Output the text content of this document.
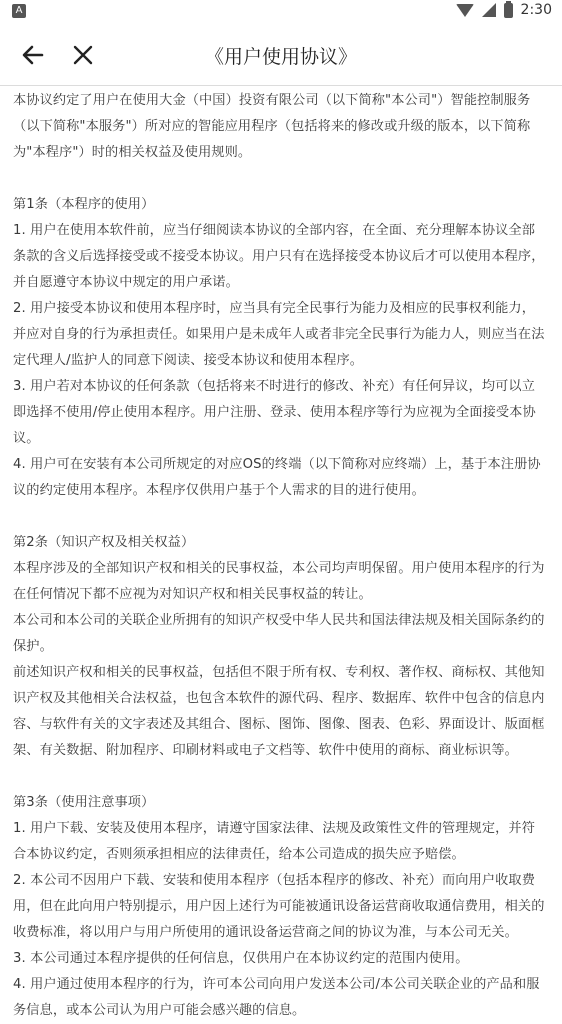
A	2:30
《用户使用协议》

本协议约定了用户在使用大金（中国）投资有限公司（以下简称"本公司"）智能控制服务（以下简称"本服务"）所对应的智能应用程序（包括将来的修改或升级的版本，以下简称为"本程序"）时的相关权益及使用规则。

第1条（本程序的使用）

1. 用户在使用本软件前，应当仔细阅读本协议的全部内容，在全面、充分理解本协议全部条款的含义后选择接受或不接受本协议。用户只有在选择接受本协议后才可以使用本程序，并自愿遵守本协议中规定的用户承诺。

2. 用户接受本协议和使用本程序时，应当具有完全民事行为能力及相应的民事权利能力，并应对自身的行为承担责任。如果用户是未成年人或者非完全民事行为能力人，则应当在法定代理人/监护人的同意下阅读、接受本协议和使用本程序。

3. 用户若对本协议的任何条款（包括将来不时进行的修改、补充）有任何异议，均可以立即选择不使用/停止使用本程序。用户注册、登录、使用本程序等行为应视为全面接受本协议。

4. 用户可在安装有本公司所规定的对应OS的终端（以下简称对应终端）上，基于本注册协议的约定使用本程序。本程序仅供用户基于个人需求的目的进行使用。

第2条（知识产权及相关权益）

本程序涉及的全部知识产权和相关的民事权益，本公司均声明保留。用户使用本程序的行为在任何情况下都不应视为对知识产权和相关民事权益的转让。

本公司和本公司的关联企业所拥有的知识产权受中华人民共和国法律法规及相关国际条约的保护。

前述知识产权和相关的民事权益，包括但不限于所有权、专利权、著作权、商标权、其他知识产权及其他相关合法权益，也包含本软件的源代码、程序、数据库、软件中包含的信息内容、与软件有关的文字表述及其组合、图标、图饰、图像、图表、色彩、界面设计、版面框架、有关数据、附加程序、印刷材料或电子文档等、软件中使用的商标、商业标识等。

第3条（使用注意事项）

1. 用户下载、安装及使用本程序，请遵守国家法律、法规及政策性文件的管理规定，并符合本协议约定，否则须承担相应的法律责任，给本公司造成的损失应予赔偿。

2. 本公司不因用户下载、安装和使用本程序（包括本程序的修改、补充）而向用户收取费用，但在此向用户特别提示，用户因上述行为可能被通讯设备运营商收取通信费用，相关的收费标准，将以用户与用户所使用的通讯设备运营商之间的协议为准，与本公司无关。

3. 本公司通过本程序提供的任何信息，仅供用户在本协议约定的范围内使用。

4. 用户通过使用本程序的行为，许可本公司向用户发送本公司/本公司关联企业的产品和服务信息，或本公司认为用户可能会感兴趣的信息。
